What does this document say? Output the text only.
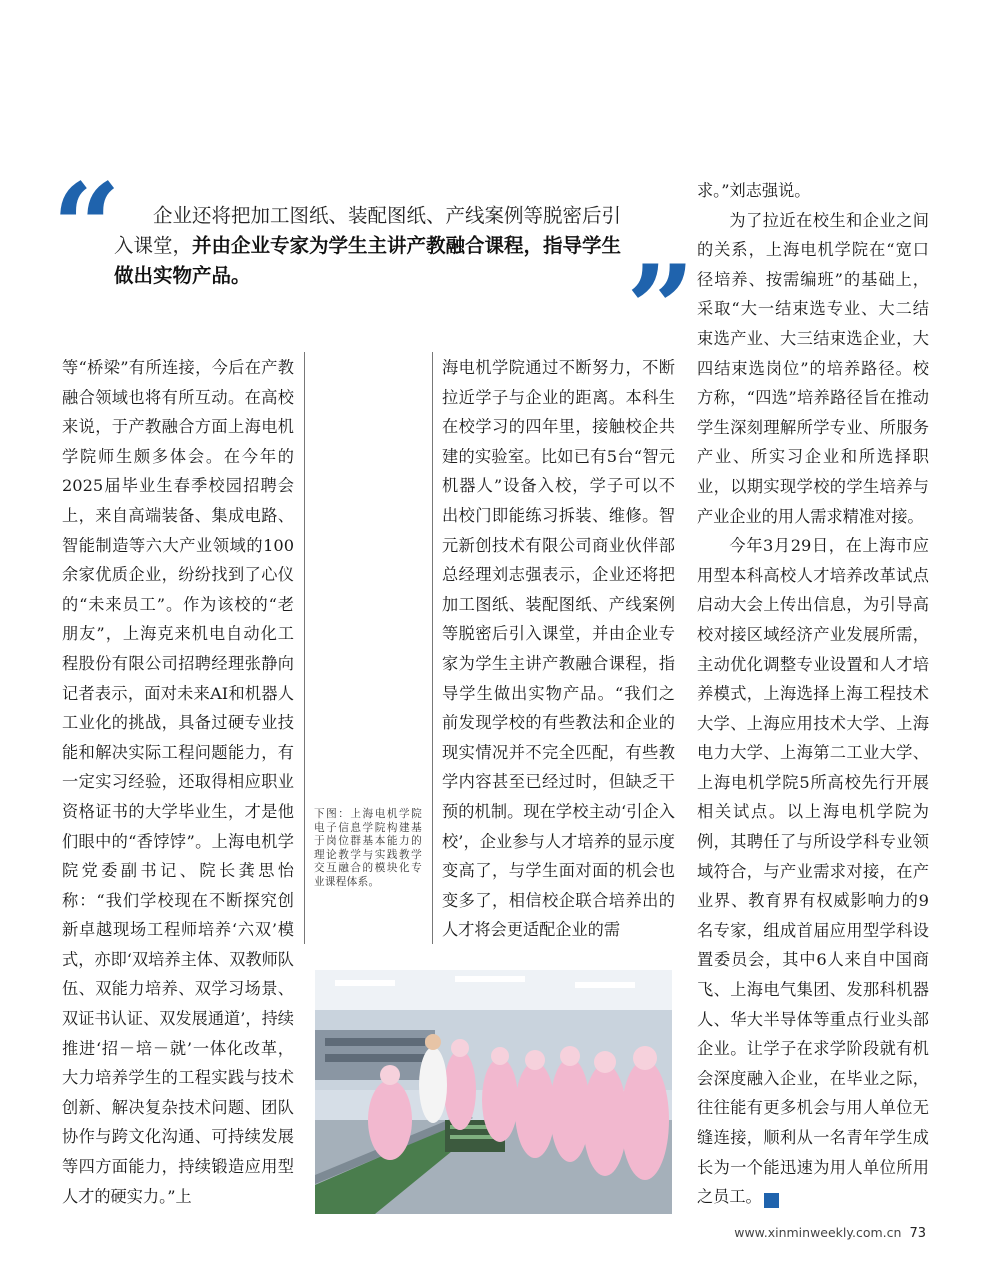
“	企业还将把加工图纸、装配图纸、产线案例等脱密后引入课堂，并由企业专家为学生主讲产教融合课程，指导学生做出实物产品。	”

等“桥梁”有所连接，今后在产教融合领域也将有所互动。在高校来说，于产教融合方面上海电机学院师生颇多体会。在今年的2025届毕业生春季校园招聘会上，来自高端装备、集成电路、智能制造等六大产业领域的100余家优质企业，纷纷找到了心仪的“未来员工”。作为该校的“老朋友”，上海克来机电自动化工程股份有限公司招聘经理张静向记者表示，面对未来AI和机器人工业化的挑战，具备过硬专业技能和解决实际工程问题能力，有一定实习经验，还取得相应职业资格证书的大学毕业生，才是他们眼中的“香饽饽”。上海电机学院党委副书记、院长龚思怡称：“我们学校现在不断探究创新卓越现场工程师培养‘六双’模式，亦即‘双培养主体、双教师队伍、双能力培养、双学习场景、双证书认证、双发展通道’，持续推进‘招－培－就’一体化改革，大力培养学生的工程实践与技术创新、解决复杂技术问题、团队协作与跨文化沟通、可持续发展等四方面能力，持续锻造应用型人才的硬实力。”上

下图：上海电机学院电子信息学院构建基于岗位群基本能力的理论教学与实践教学交互融合的模块化专业课程体系。

海电机学院通过不断努力，不断拉近学子与企业的距离。本科生在校学习的四年里，接触校企共建的实验室。比如已有5台“智元机器人”设备入校，学子可以不出校门即能练习拆装、维修。智元新创技术有限公司商业伙伴部总经理刘志强表示，企业还将把加工图纸、装配图纸、产线案例等脱密后引入课堂，并由企业专家为学生主讲产教融合课程，指导学生做出实物产品。“我们之前发现学校的有些教法和企业的现实情况并不完全匹配，有些教学内容甚至已经过时，但缺乏干预的机制。现在学校主动‘引企入校’，企业参与人才培养的显示度变高了，与学生面对面的机会也变多了，相信校企联合培养出的人才将会更适配企业的需

求。”刘志强说。

为了拉近在校生和企业之间的关系，上海电机学院在“宽口径培养、按需编班”的基础上，采取“大一结束选专业、大二结束选产业、大三结束选企业，大四结束选岗位”的培养路径。校方称，“四选”培养路径旨在推动学生深刻理解所学专业、所服务产业、所实习企业和所选择职业，以期实现学校的学生培养与产业企业的用人需求精准对接。

今年3月29日，在上海市应用型本科高校人才培养改革试点启动大会上传出信息，为引导高校对接区域经济产业发展所需，主动优化调整专业设置和人才培养模式，上海选择上海工程技术大学、上海应用技术大学、上海电力大学、上海第二工业大学、上海电机学院5所高校先行开展相关试点。以上海电机学院为例，其聘任了与所设学科专业领域符合，与产业需求对接，在产业界、教育界有权威影响力的9名专家，组成首届应用型学科设置委员会，其中6人来自中国商飞、上海电气集团、发那科机器人、华大半导体等重点行业头部企业。让学子在求学阶段就有机会深度融入企业，在毕业之际，往往能有更多机会与用人单位无缝连接，顺利从一名青年学生成长为一个能迅速为用人单位所用之员工。	民

www.xinminweekly.com.cn 73
